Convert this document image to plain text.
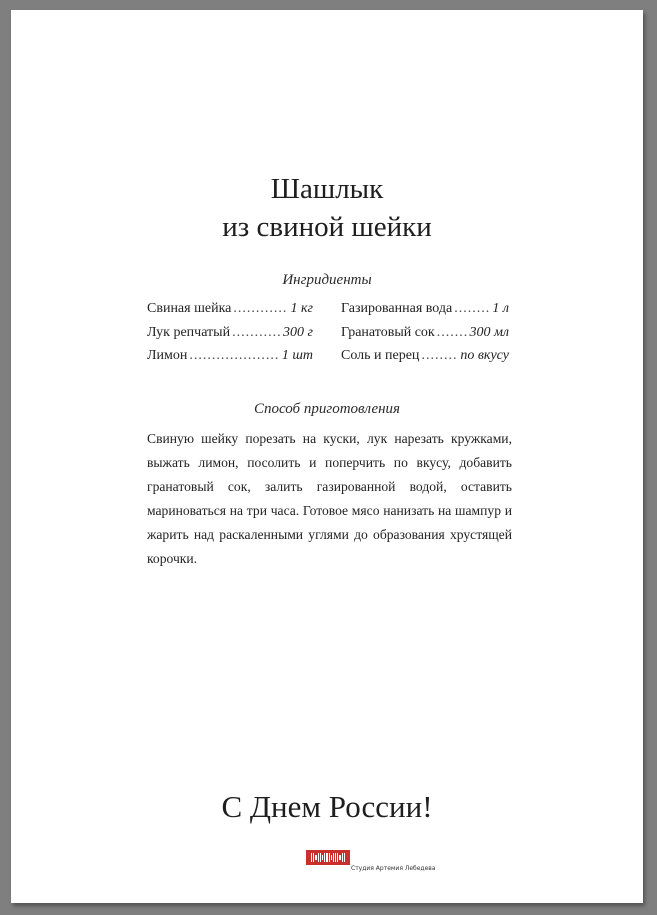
Шашлык
из свиной шейки
Ингридиенты
Свиная шейка .....	1 кг
Лук репчатый .....	300 г
Лимон .....	1 шт
Газированная вода .....	1 л
Гранатовый сок ..... 300 мл
Соль и перец .....	по вкусу
Способ приготовления
Свиную шейку порезать на куски, лук нарезать кружками, выжать лимон, посолить и поперчить по вкусу, добавить гранатовый сок, залить газированной водой, оставить мариноваться на три часа. Готовое мясо нанизать на шампур и жарить над раскаленными углями до образования хрустящей корочки.
С Днем России!
Студия Артемия Лебедева
